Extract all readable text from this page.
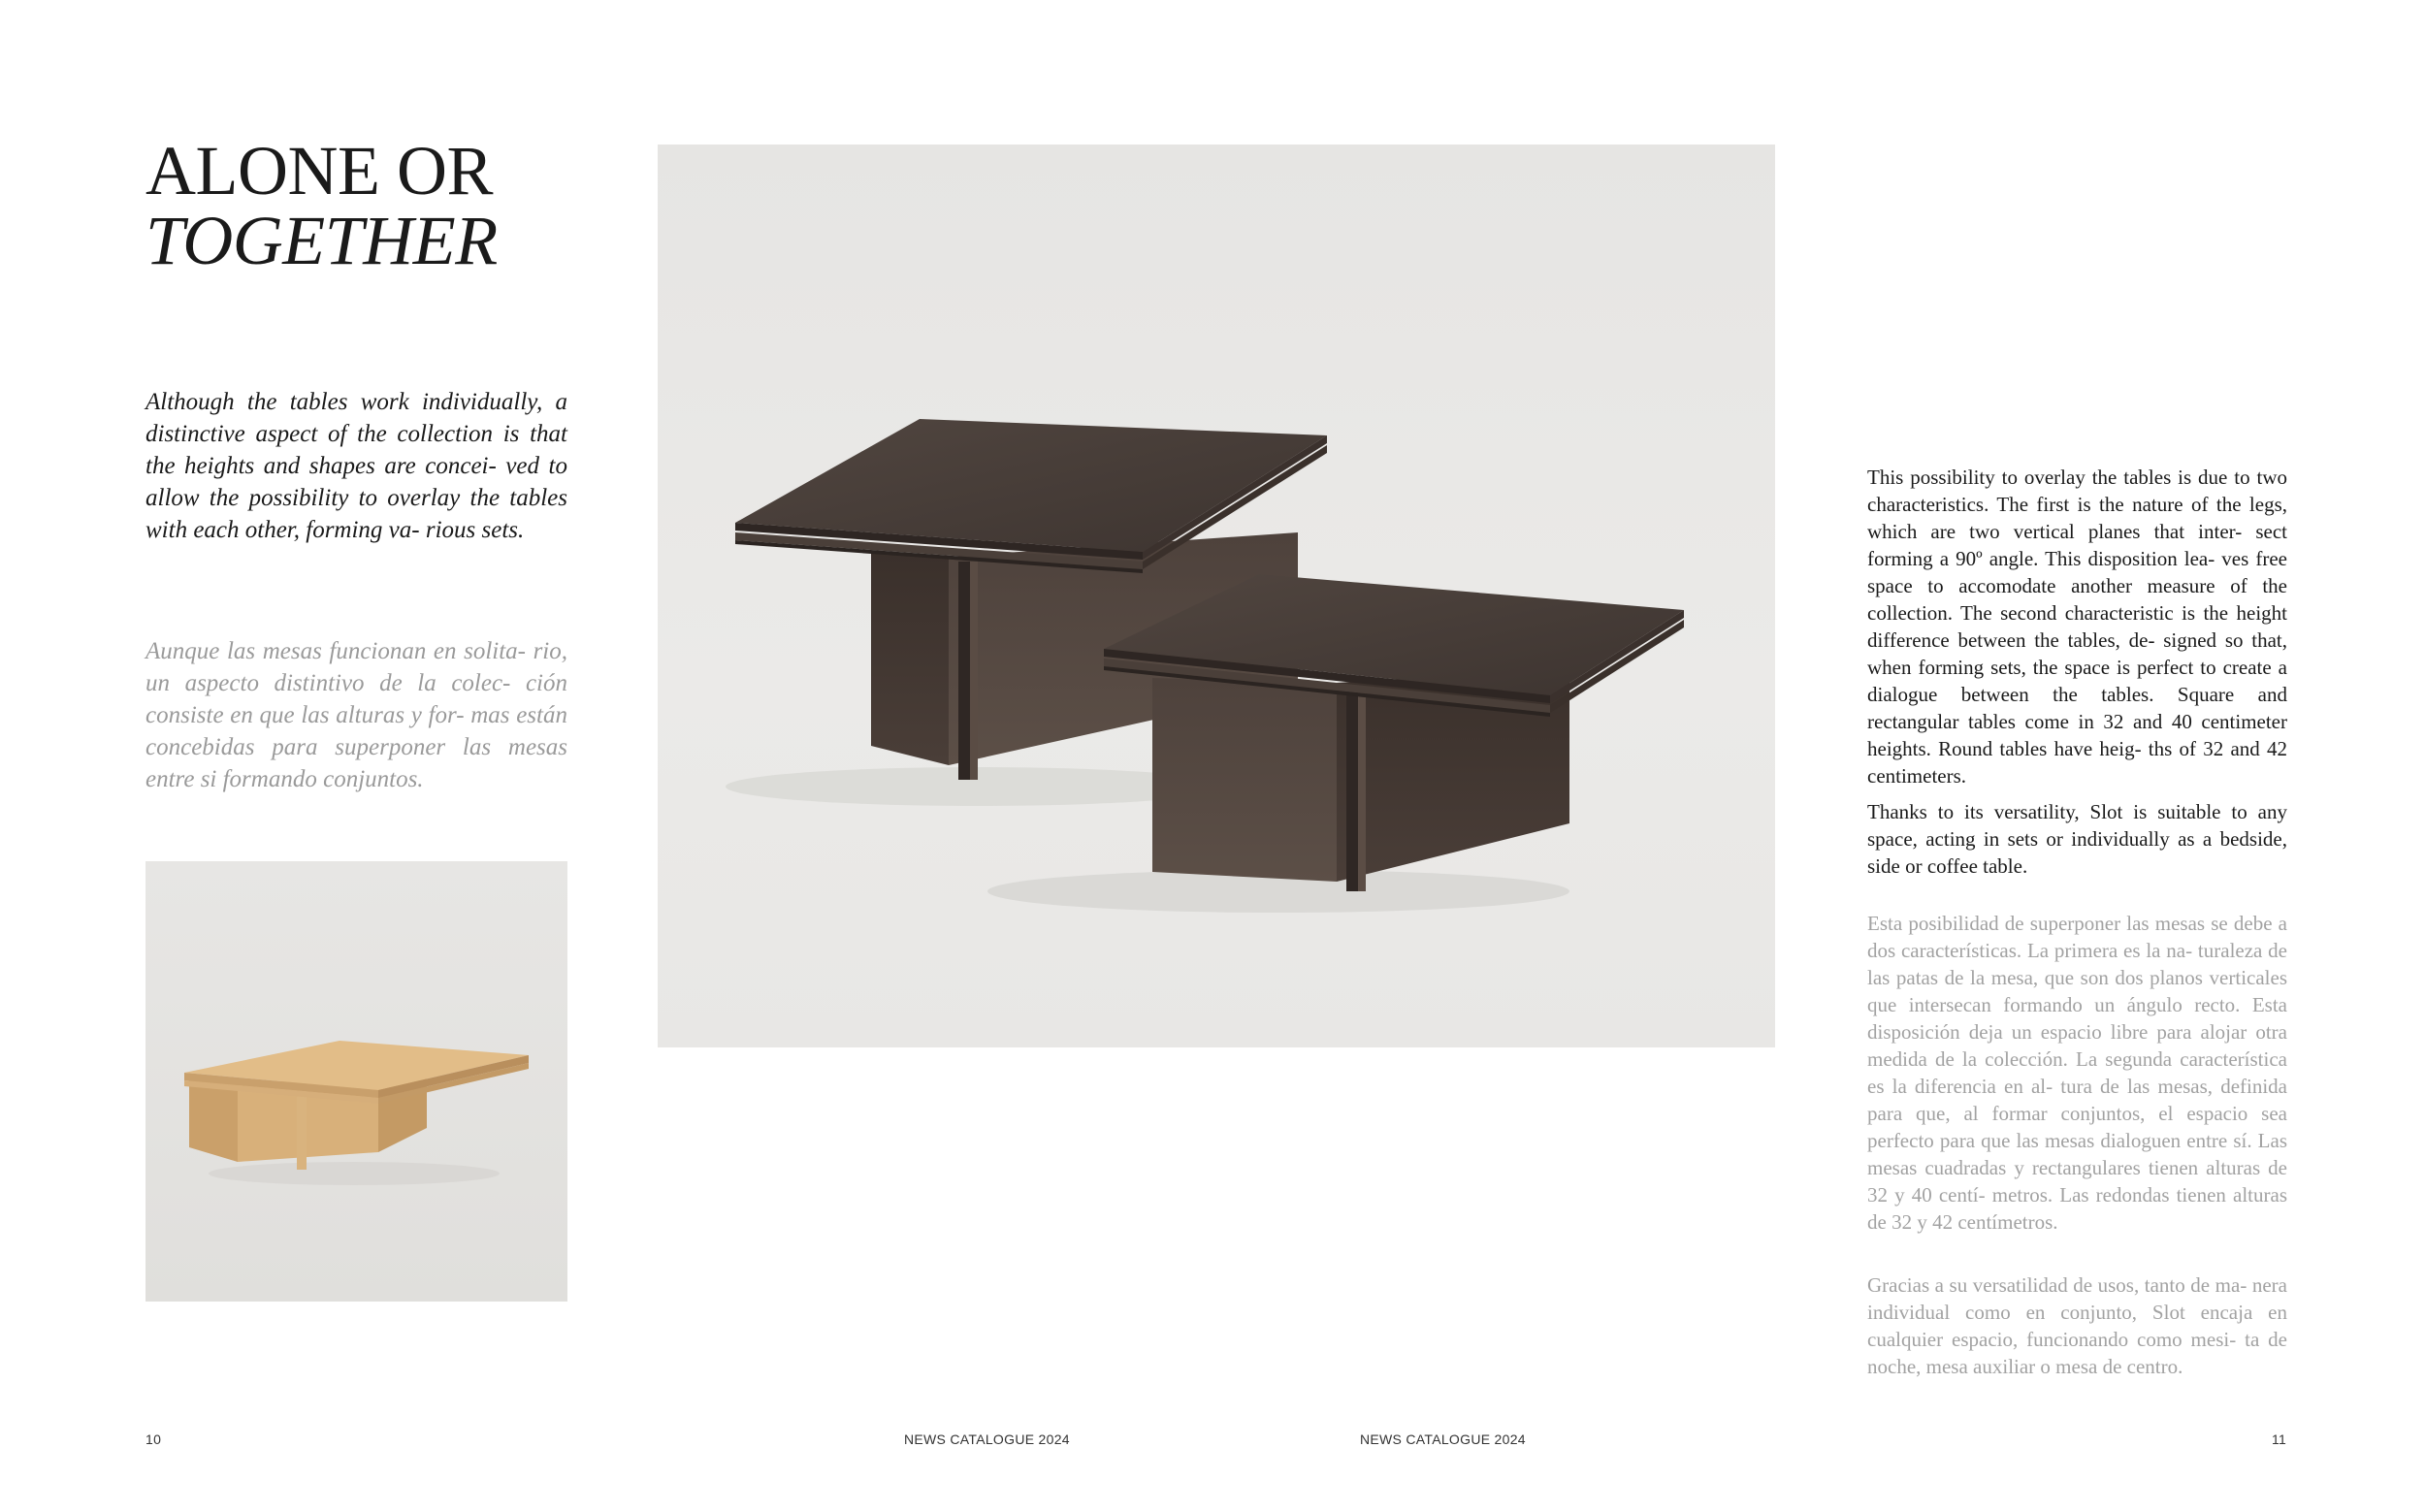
ALONE OR
TOGETHER

Although the tables work individually, a distinctive aspect of the collection is that the heights and shapes are concei- ved to allow the possibility to overlay the tables with each other, forming va- rious sets.

Aunque las mesas funcionan en solita- rio, un aspecto distintivo de la colec- ción consiste en que las alturas y for- mas están concebidas para superponer las mesas entre si formando conjuntos.

This possibility to overlay the tables is due to two characteristics. The first is the nature of the legs, which are two vertical planes that inter- sect forming a 90º angle. This disposition lea- ves free space to accomodate another measure of the collection. The second characteristic is the height difference between the tables, de- signed so that, when forming sets, the space is perfect to create a dialogue between the tables. Square and rectangular tables come in 32 and 40 centimeter heights. Round tables have heig- ths of 32 and 42 centimeters.

Thanks to its versatility, Slot is suitable to any space, acting in sets or individually as a bedside, side or coffee table.

Esta posibilidad de superponer las mesas se debe a dos características. La primera es la na- turaleza de las patas de la mesa, que son dos planos verticales que intersecan formando un ángulo recto. Esta disposición deja un espacio libre para alojar otra medida de la colección. La segunda característica es la diferencia en al- tura de las mesas, definida para que, al formar conjuntos, el espacio sea perfecto para que las mesas dialoguen entre sí. Las mesas cuadradas y rectangulares tienen alturas de 32 y 40 centí- metros. Las redondas tienen alturas de 32 y 42 centímetros.

Gracias a su versatilidad de usos, tanto de ma- nera individual como en conjunto, Slot encaja en cualquier espacio, funcionando como mesi- ta de noche, mesa auxiliar o mesa de centro.

10	NEWS CATALOGUE 2024	NEWS CATALOGUE 2024	11
